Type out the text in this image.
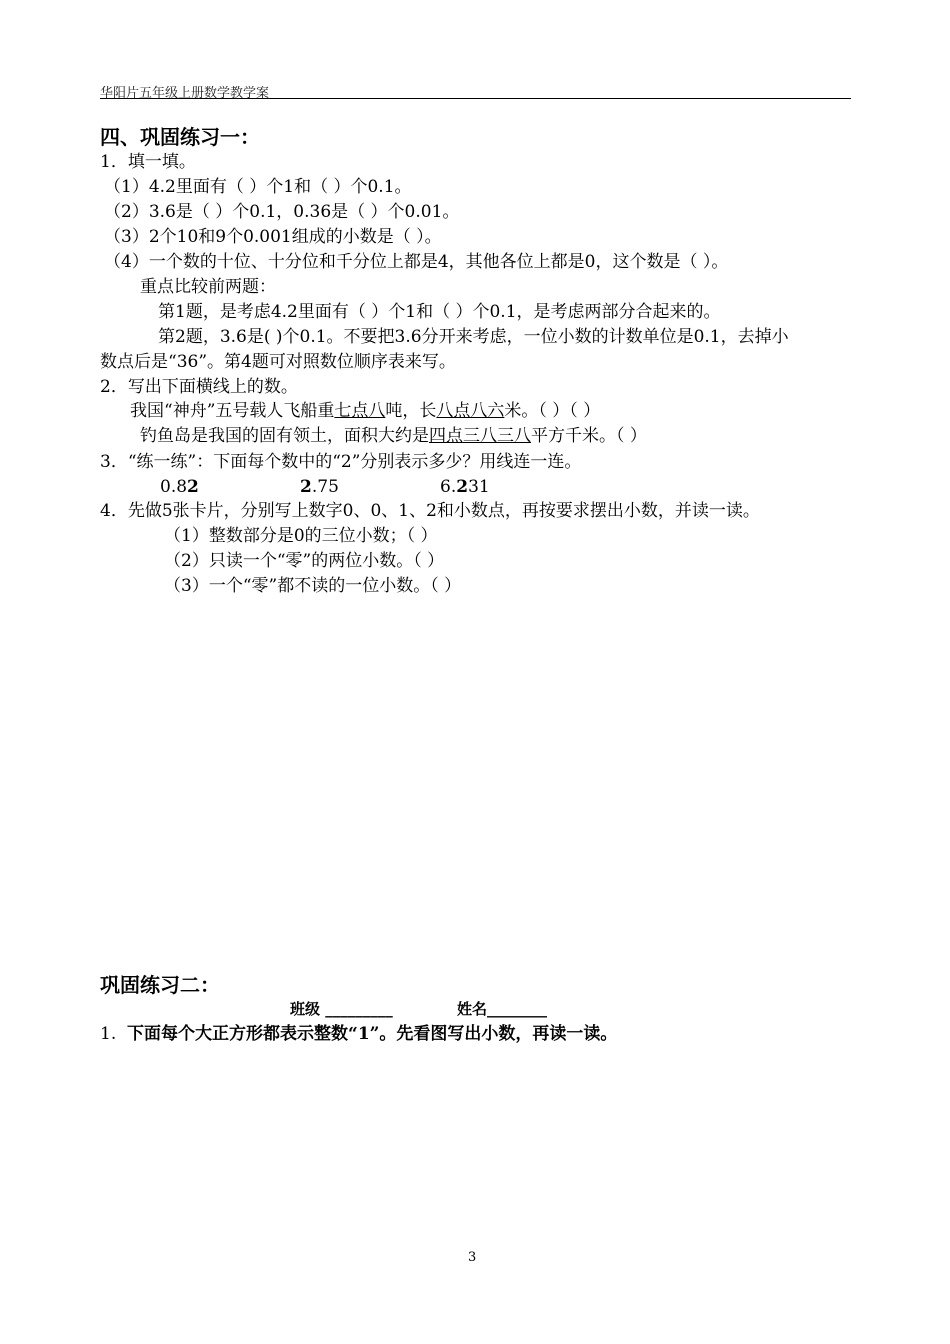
华阳片五年级上册数学教学案
四、巩固练习一：
1．填一填。
（1）4.2里面有（ ）个1和（ ）个0.1。
（2）3.6是（ ）个0.1，0.36是（ ）个0.01。
（3）2个10和9个0.001组成的小数是（ ）。
（4）一个数的十位、十分位和千分位上都是4，其他各位上都是0，这个数是（ ）。
重点比较前两题：
第1题，是考虑4.2里面有（ ）个1和（ ）个0.1，是考虑两部分合起来的。
第2题，3.6是( )个0.1。不要把3.6分开来考虑，一位小数的计数单位是0.1，去掉小
数点后是“36”。第4题可对照数位顺序表来写。
2．写出下面横线上的数。
我国“神舟”五号载人飞船重七点八吨，长八点八六米。（ ）（ ）
钓鱼岛是我国的固有领土，面积大约是四点三八三八平方千米。（ ）
3．“练一练”：下面每个数中的“2”分别表示多少？用线连一连。
0.82	2.75	6.231
4．先做5张卡片，分别写上数字0、0、1、2和小数点，再按要求摆出小数，并读一读。
（1）整数部分是0的三位小数；（ ）
（2）只读一个“零”的两位小数。（ ）
（3）一个“零”都不读的一位小数。（ ）
巩固练习二：
班级 _________	姓名________
1. 下面每个大正方形都表示整数“1”。先看图写出小数，再读一读。
3
